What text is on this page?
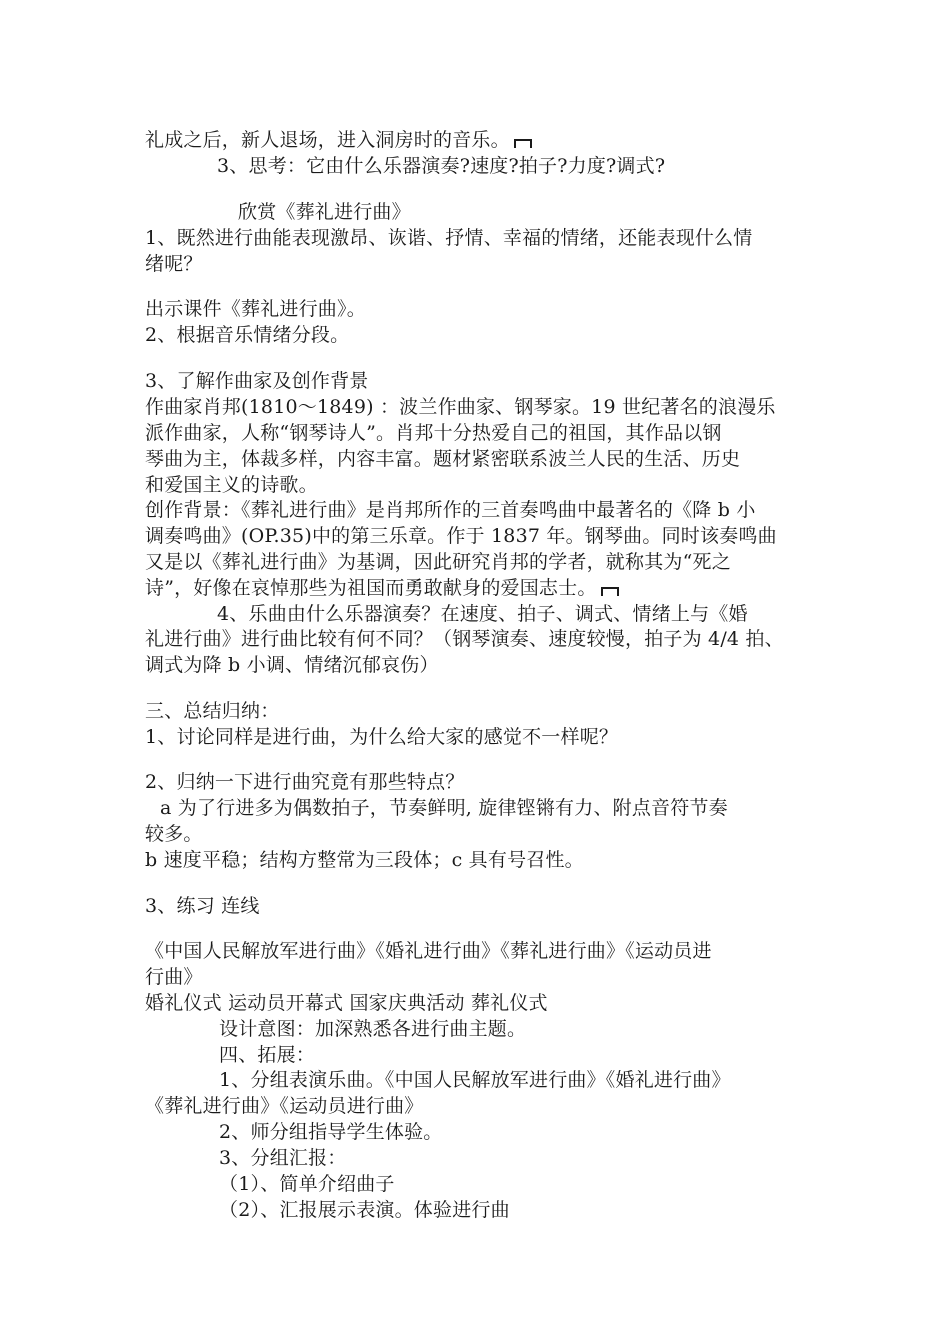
礼成之后，新人退场，进入洞房时的音乐。
3、思考：它由什么乐器演奏?速度?拍子?力度?调式?
欣赏《葬礼进行曲》
1、既然进行曲能表现激昂、诙谐、抒情、幸福的情绪，还能表现什么情
绪呢？
出示课件《葬礼进行曲》。
2、根据音乐情绪分段。
3、了解作曲家及创作背景
作曲家肖邦(1810～1849) ：波兰作曲家、钢琴家。19 世纪著名的浪漫乐
派作曲家，人称“钢琴诗人”。肖邦十分热爱自己的祖国，其作品以钢
琴曲为主，体裁多样，内容丰富。题材紧密联系波兰人民的生活、历史
和爱国主义的诗歌。
创作背景：《葬礼进行曲》是肖邦所作的三首奏鸣曲中最著名的《降 b 小
调奏鸣曲》(OP.35)中的第三乐章。作于 1837 年。钢琴曲。同时该奏鸣曲
又是以《葬礼进行曲》为基调，因此研究肖邦的学者，就称其为“死之
诗”，好像在哀悼那些为祖国而勇敢献身的爱国志士。
4、乐曲由什么乐器演奏？在速度、拍子、调式、情绪上与《婚
礼进行曲》进行曲比较有何不同？（钢琴演奏、速度较慢，拍子为 4/4 拍、
调式为降 b 小调、情绪沉郁哀伤）
三、总结归纳：
1、讨论同样是进行曲，为什么给大家的感觉不一样呢？
2、归纳一下进行曲究竟有那些特点？
a 为了行进多为偶数拍子，节奏鲜明, 旋律铿锵有力、附点音符节奏
较多。
b 速度平稳；结构方整常为三段体；c 具有号召性。
3、练习 连线
《中国人民解放军进行曲》《婚礼进行曲》《葬礼进行曲》《运动员进
行曲》
婚礼仪式 运动员开幕式 国家庆典活动 葬礼仪式
设计意图：加深熟悉各进行曲主题。
四、拓展：
1、分组表演乐曲。《中国人民解放军进行曲》《婚礼进行曲》
《葬礼进行曲》《运动员进行曲》
2、师分组指导学生体验。
3、分组汇报：
（1）、简单介绍曲子
（2）、汇报展示表演。体验进行曲
